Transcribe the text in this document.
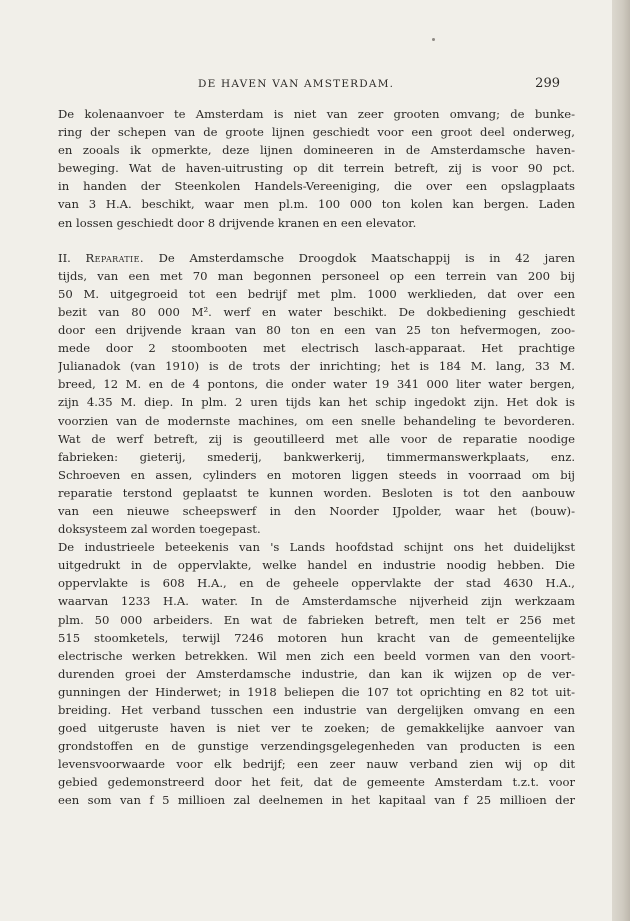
DE HAVEN VAN AMSTERDAM.	299
De kolenaanvoer te Amsterdam is niet van zeer grooten omvang; de bunke-
ring der schepen van de groote lijnen geschiedt voor een groot deel onderweg,
en zooals ik opmerkte, deze lijnen domineeren in de Amsterdamsche haven-
beweging. Wat de haven-uitrusting op dit terrein betreft, zij is voor 90 pct.
in handen der Steenkolen Handels-Vereeniging, die over een opslagplaats
van 3 H.A. beschikt, waar men pl.m. 100 000 ton kolen kan bergen. Laden
en lossen geschiedt door 8 drijvende kranen en een elevator.
II. Reparatie. De Amsterdamsche Droogdok Maatschappij is in 42 jaren
tijds, van een met 70 man begonnen personeel op een terrein van 200 bij
50 M. uitgegroeid tot een bedrijf met plm. 1000 werklieden, dat over een
bezit van 80 000 M². werf en water beschikt. De dokbediening geschiedt
door een drijvende kraan van 80 ton en een van 25 ton hefvermogen, zoo-
mede door 2 stoombooten met electrisch lasch-apparaat. Het prachtige
Julianadok (van 1910) is de trots der inrichting; het is 184 M. lang, 33 M.
breed, 12 M. en de 4 pontons, die onder water 19 341 000 liter water bergen,
zijn 4.35 M. diep. In plm. 2 uren tijds kan het schip ingedokt zijn. Het dok is
voorzien van de modernste machines, om een snelle behandeling te bevorderen.
Wat de werf betreft, zij is geoutilleerd met alle voor de reparatie noodige
fabrieken: gieterij, smederij, bankwerkerij, timmermanswerkplaats, enz.
Schroeven en assen, cylinders en motoren liggen steeds in voorraad om bij
reparatie terstond geplaatst te kunnen worden. Besloten is tot den aanbouw
van een nieuwe scheepswerf in den Noorder IJpolder, waar het (bouw)-
doksysteem zal worden toegepast.
De industrieele beteekenis van 's Lands hoofdstad schijnt ons het duidelijkst
uitgedrukt in de oppervlakte, welke handel en industrie noodig hebben. Die
oppervlakte is 608 H.A., en de geheele oppervlakte der stad 4630 H.A.,
waarvan 1233 H.A. water. In de Amsterdamsche nijverheid zijn werkzaam
plm. 50 000 arbeiders. En wat de fabrieken betreft, men telt er 256 met
515 stoomketels, terwijl 7246 motoren hun kracht van de gemeentelijke
electrische werken betrekken. Wil men zich een beeld vormen van den voort-
durenden groei der Amsterdamsche industrie, dan kan ik wijzen op de ver-
gunningen der Hinderwet; in 1918 beliepen die 107 tot oprichting en 82 tot uit-
breiding. Het verband tusschen een industrie van dergelijken omvang en een
goed uitgeruste haven is niet ver te zoeken; de gemakkelijke aanvoer van
grondstoffen en de gunstige verzendingsgelegenheden van producten is een
levensvoorwaarde voor elk bedrijf; een zeer nauw verband zien wij op dit
gebied gedemonstreerd door het feit, dat de gemeente Amsterdam t.z.t. voor
een som van f 5 millioen zal deelnemen in het kapitaal van f 25 millioen der
